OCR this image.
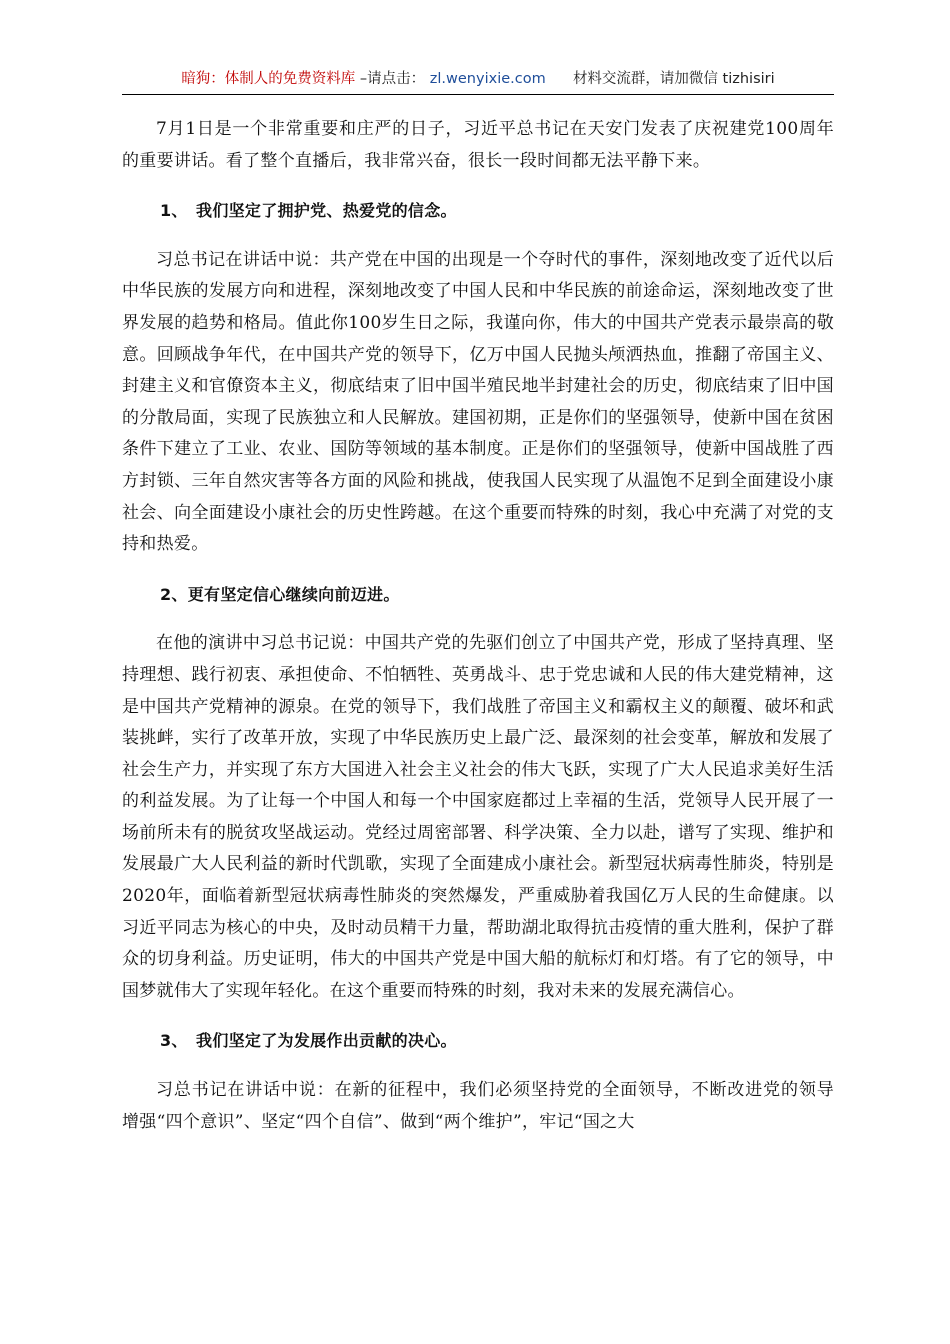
暗狗：体制人的免费资料库 –请点击： zl.wenyixie.com 材料交流群，请加微信 tizhisiri

7月1日是一个非常重要和庄严的日子，习近平总书记在天安门发表了庆祝建党100周年的重要讲话。看了整个直播后，我非常兴奋，很长一段时间都无法平静下来。

1、　我们坚定了拥护党、热爱党的信念。

习总书记在讲话中说：共产党在中国的出现是一个夺时代的事件，深刻地改变了近代以后中华民族的发展方向和进程，深刻地改变了中国人民和中华民族的前途命运，深刻地改变了世界发展的趋势和格局。值此你100岁生日之际，我谨向你，伟大的中国共产党表示最崇高的敬意。回顾战争年代，在中国共产党的领导下，亿万中国人民抛头颅洒热血，推翻了帝国主义、封建主义和官僚资本主义，彻底结束了旧中国半殖民地半封建社会的历史，彻底结束了旧中国的分散局面，实现了民族独立和人民解放。建国初期，正是你们的坚强领导，使新中国在贫困条件下建立了工业、农业、国防等领域的基本制度。正是你们的坚强领导，使新中国战胜了西方封锁、三年自然灾害等各方面的风险和挑战，使我国人民实现了从温饱不足到全面建设小康社会、向全面建设小康社会的历史性跨越。在这个重要而特殊的时刻，我心中充满了对党的支持和热爱。

2、更有坚定信心继续向前迈进。

在他的演讲中习总书记说：中国共产党的先驱们创立了中国共产党，形成了坚持真理、坚持理想、践行初衷、承担使命、不怕牺牲、英勇战斗、忠于党忠诚和人民的伟大建党精神，这是中国共产党精神的源泉。在党的领导下，我们战胜了帝国主义和霸权主义的颠覆、破坏和武装挑衅，实行了改革开放，实现了中华民族历史上最广泛、最深刻的社会变革，解放和发展了社会生产力，并实现了东方大国进入社会主义社会的伟大飞跃，实现了广大人民追求美好生活的利益发展。为了让每一个中国人和每一个中国家庭都过上幸福的生活，党领导人民开展了一场前所未有的脱贫攻坚战运动。党经过周密部署、科学决策、全力以赴，谱写了实现、维护和发展最广大人民利益的新时代凯歌，实现了全面建成小康社会。新型冠状病毒性肺炎，特别是2020年，面临着新型冠状病毒性肺炎的突然爆发，严重威胁着我国亿万人民的生命健康。以习近平同志为核心的中央，及时动员精干力量，帮助湖北取得抗击疫情的重大胜利，保护了群众的切身利益。历史证明，伟大的中国共产党是中国大船的航标灯和灯塔。有了它的领导，中国梦就伟大了实现年轻化。在这个重要而特殊的时刻，我对未来的发展充满信心。

3、　我们坚定了为发展作出贡献的决心。

习总书记在讲话中说：在新的征程中，我们必须坚持党的全面领导，不断改进党的领导　增强“四个意识”、坚定“四个自信”、做到“两个维护”，牢记“国之大
